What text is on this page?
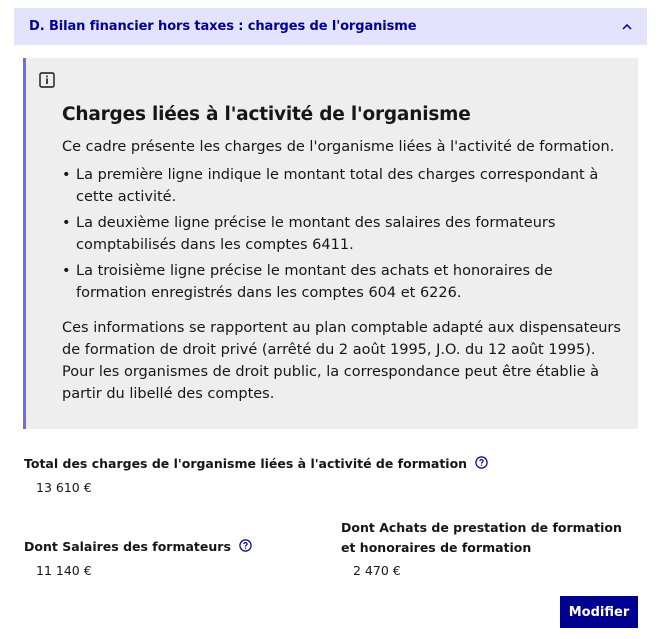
D. Bilan financier hors taxes : charges de l'organisme
Charges liées à l'activité de l'organisme

Ce cadre présente les charges de l'organisme liées à l'activité de formation.

• La première ligne indique le montant total des charges correspondant à cette activité.
• La deuxième ligne précise le montant des salaires des formateurs comptabilisés dans les comptes 6411.
• La troisième ligne précise le montant des achats et honoraires de formation enregistrés dans les comptes 604 et 6226.

Ces informations se rapportent au plan comptable adapté aux dispensateurs de formation de droit privé (arrêté du 2 août 1995, J.O. du 12 août 1995). Pour les organismes de droit public, la correspondance peut être établie à partir du libellé des comptes.

Total des charges de l'organisme liées à l'activité de formation
13 610 €
Dont Salaires des formateurs
11 140 €
Dont Achats de prestation de formation et honoraires de formation
2 470 €
Modifier
